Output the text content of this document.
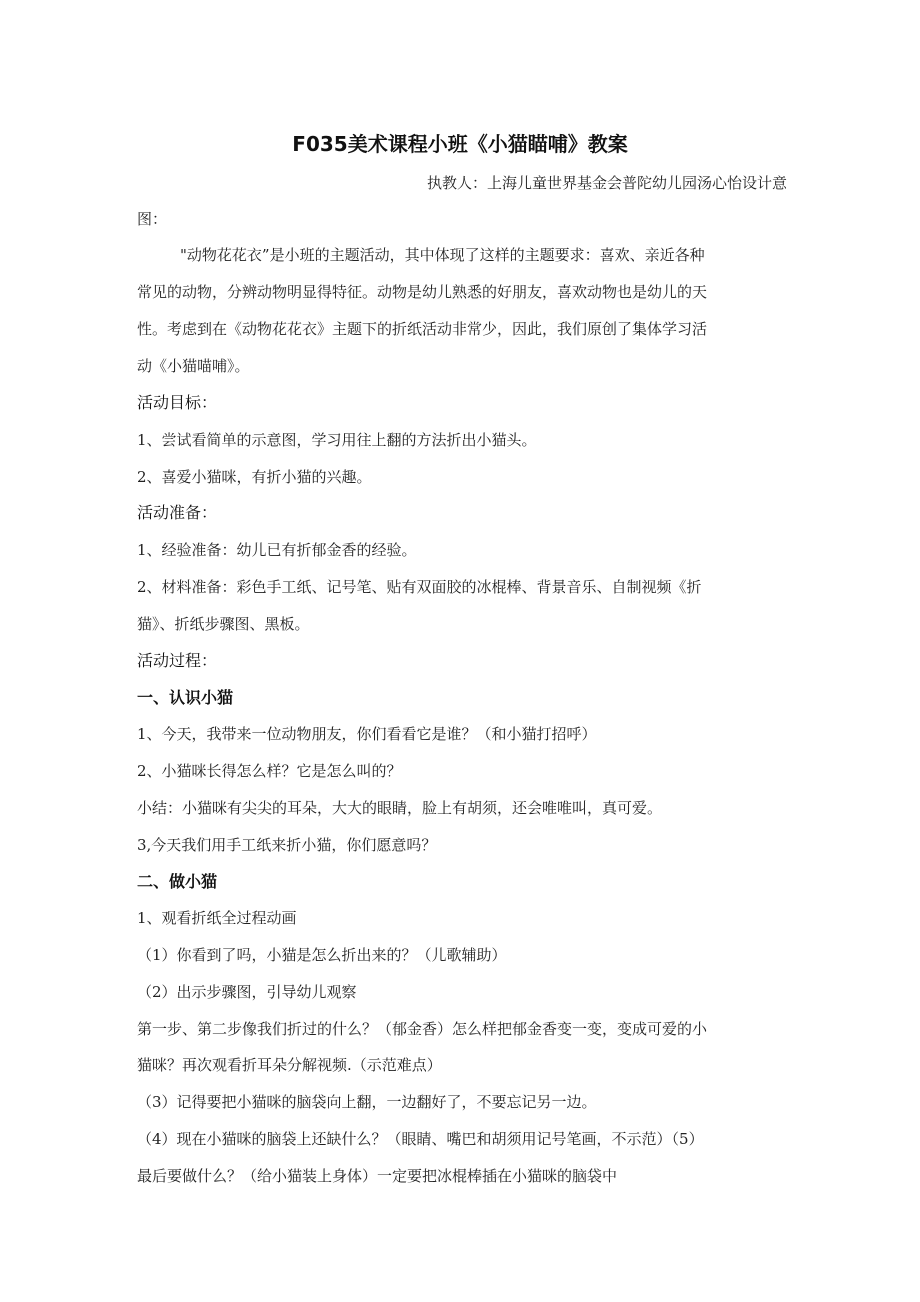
F035美术课程小班《小猫瞄哺》教案

执教人：上海儿童世界基金会普陀幼儿园汤心怡设计意

图：

"动物花花衣”是小班的主题活动，其中体现了这样的主题要求：喜欢、亲近各种

常见的动物，分辨动物明显得特征。动物是幼儿熟悉的好朋友，喜欢动物也是幼儿的天

性。考虑到在《动物花花衣》主题下的折纸活动非常少，因此，我们原创了集体学习活

动《小猫喵哺》。

活动目标：

1、尝试看简单的示意图，学习用往上翻的方法折出小猫头。

2、喜爱小猫咪，有折小猫的兴趣。

活动准备：

1、经验准备：幼儿已有折郁金香的经验。

2、材料准备：彩色手工纸、记号笔、贴有双面胶的冰棍棒、背景音乐、自制视频《折

猫》、折纸步骤图、黑板。

活动过程：

一、认识小猫

1、今天，我带来一位动物朋友，你们看看它是谁？（和小猫打招呼）

2、小猫咪长得怎么样？它是怎么叫的？

小结：小猫咪有尖尖的耳朵，大大的眼睛，脸上有胡须，还会唯唯叫，真可爱。

3,今天我们用手工纸来折小猫，你们愿意吗？

二、做小猫

1、观看折纸全过程动画

（1）你看到了吗，小猫是怎么折出来的？（儿歌辅助）

（2）出示步骤图，引导幼儿观察

第一步、第二步像我们折过的什么？（郁金香）怎么样把郁金香变一变，变成可爱的小

猫咪？再次观看折耳朵分解视频.（示范难点）

（3）记得要把小猫咪的脑袋向上翻，一边翻好了，不要忘记另一边。

（4）现在小猫咪的脑袋上还缺什么？（眼睛、嘴巴和胡须用记号笔画，不示范）（5）

最后要做什么？（给小猫装上身体）一定要把冰棍棒插在小猫咪的脑袋中
